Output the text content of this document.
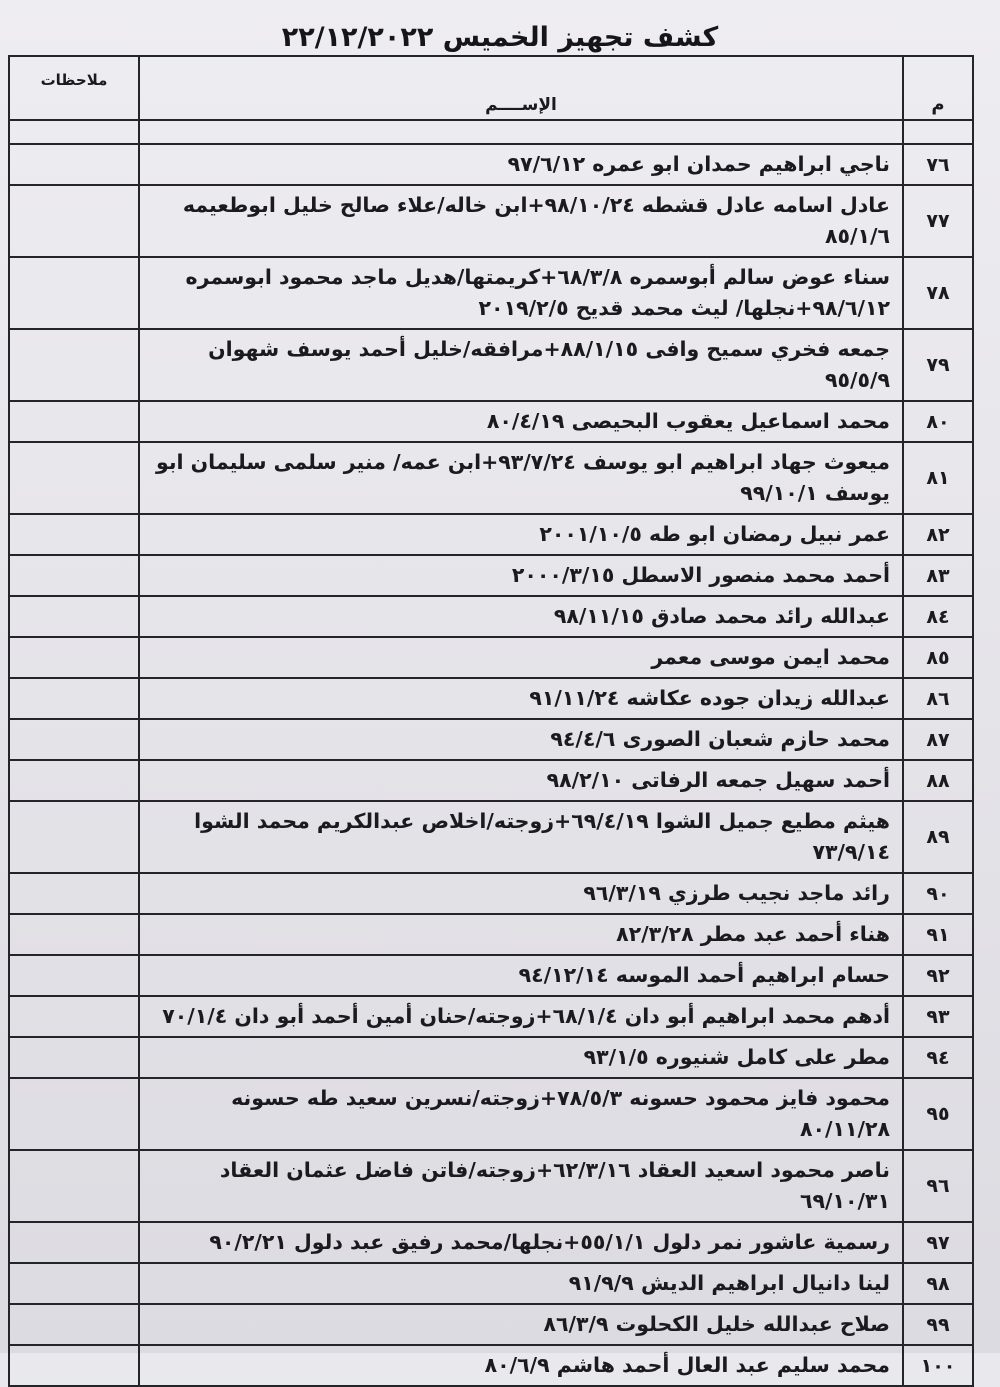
كشف تجهيز الخميس ٢٢/١٢/٢٠٢٢
م	الإســــم	ملاحظات

٧٦	ناجي ابراهيم حمدان ابو عمره ٩٧/٦/١٢	
٧٧	عادل اسامه عادل قشطه ٩٨/١٠/٢٤+ابن خاله/علاء صالح خليل ابوطعيمه ٨٥/١/٦	
٧٨	سناء عوض سالم أبوسمره ٦٨/٣/٨+كريمتها/هديل ماجد محمود ابوسمره ٩٨/٦/١٢+نجلها/ ليث محمد قديح ٢٠١٩/٢/٥	
٧٩	جمعه فخري سميح وافى ٨٨/١/١٥+مرافقه/خليل أحمد يوسف شهوان ٩٥/٥/٩	
٨٠	محمد اسماعيل يعقوب البحيصى ٨٠/٤/١٩	
٨١	ميعوث جهاد ابراهيم ابو يوسف ٩٣/٧/٢٤+ابن عمه/ منير سلمى سليمان ابو يوسف ٩٩/١٠/١	
٨٢	عمر نبيل رمضان ابو طه ٢٠٠١/١٠/٥	
٨٣	أحمد محمد منصور الاسطل ٢٠٠٠/٣/١٥	
٨٤	عبدالله رائد محمد صادق ٩٨/١١/١٥	
٨٥	محمد ايمن موسى معمر	
٨٦	عبدالله زيدان جوده عكاشه ٩١/١١/٢٤	
٨٧	محمد حازم شعبان الصورى ٩٤/٤/٦	
٨٨	أحمد سهيل جمعه الرفاتى ٩٨/٢/١٠	
٨٩	هيثم مطيع جميل الشوا ٦٩/٤/١٩+زوجته/اخلاص عبدالكريم محمد الشوا ٧٣/٩/١٤	
٩٠	رائد ماجد نجيب طرزي ٩٦/٣/١٩	
٩١	هناء أحمد عبد مطر ٨٢/٣/٢٨	
٩٢	حسام ابراهيم أحمد الموسه ٩٤/١٢/١٤	
٩٣	أدهم محمد ابراهيم أبو دان ٦٨/١/٤+زوجته/حنان أمين أحمد أبو دان ٧٠/١/٤	
٩٤	مطر على كامل شنيوره ٩٣/١/٥	
٩٥	محمود فايز محمود حسونه ٧٨/٥/٣+زوجته/نسرين سعيد طه حسونه ٨٠/١١/٢٨	
٩٦	ناصر محمود اسعيد العقاد ٦٢/٣/١٦+زوجته/فاتن فاضل عثمان العقاد ٦٩/١٠/٣١	
٩٧	رسمية عاشور نمر دلول ٥٥/١/١+نجلها/محمد رفيق عبد دلول ٩٠/٢/٢١	
٩٨	لينا دانيال ابراهيم الديش ٩١/٩/٩	
٩٩	صلاح عبدالله خليل الكحلوت ٨٦/٣/٩	
١٠٠	محمد سليم عبد العال أحمد هاشم ٨٠/٦/٩	
